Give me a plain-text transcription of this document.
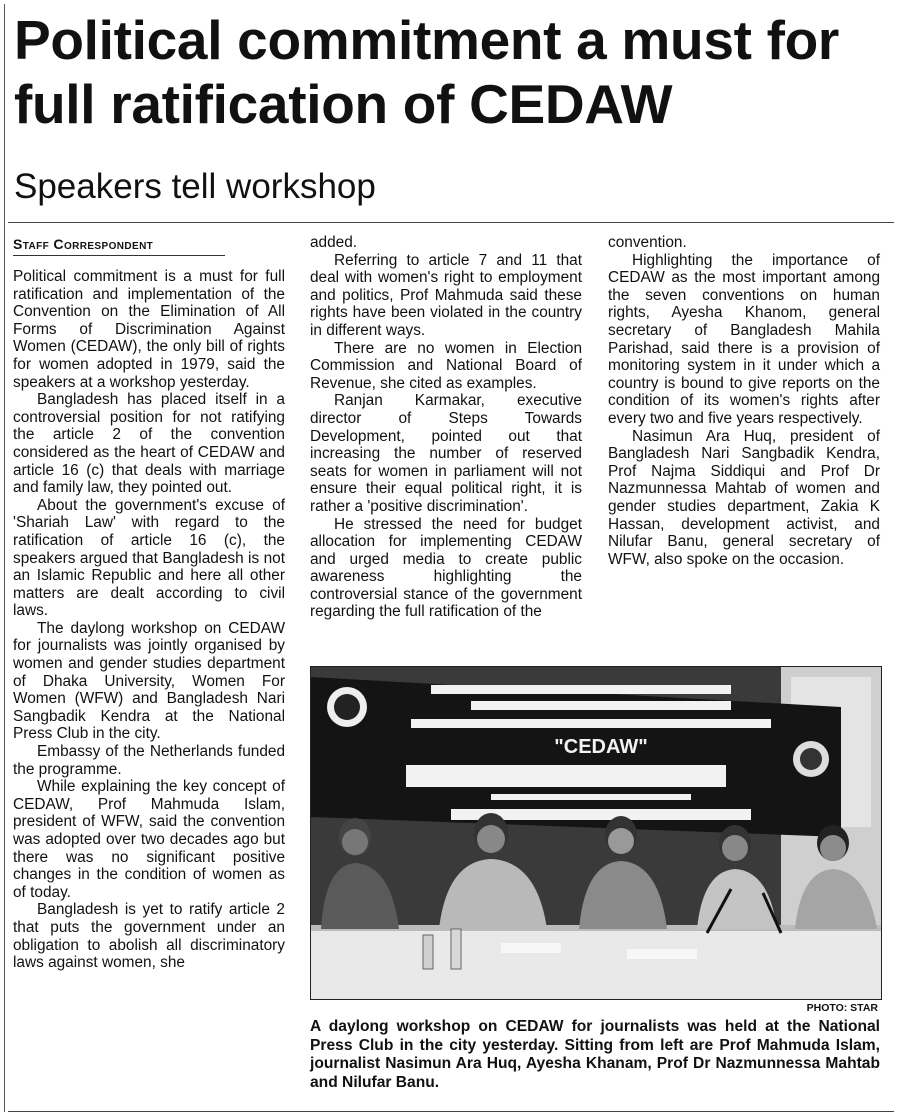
Political commitment a must for full ratification of CEDAW
Speakers tell workshop
Staff Correspondent

Political commitment is a must for full ratification and implementation of the Convention on the Elimination of All Forms of Discrimination Against Women (CEDAW), the only bill of rights for women adopted in 1979, said the speakers at a workshop yesterday.

Bangladesh has placed itself in a controversial position for not ratifying the article 2 of the convention considered as the heart of CEDAW and article 16 (c) that deals with marriage and family law, they pointed out.

About the government's excuse of 'Shariah Law' with regard to the ratification of article 16 (c), the speakers argued that Bangladesh is not an Islamic Republic and here all other matters are dealt according to civil laws.

The daylong workshop on CEDAW for journalists was jointly organised by women and gender studies department of Dhaka University, Women For Women (WFW) and Bangladesh Nari Sangbadik Kendra at the National Press Club in the city.

Embassy of the Netherlands funded the programme.

While explaining the key concept of CEDAW, Prof Mahmuda Islam, president of WFW, said the convention was adopted over two decades ago but there was no significant positive changes in the condition of women as of today.

Bangladesh is yet to ratify article 2 that puts the government under an obligation to abolish all discriminatory laws against women, she

added.

Referring to article 7 and 11 that deal with women's right to employment and politics, Prof Mahmuda said these rights have been violated in the country in different ways.

There are no women in Election Commission and National Board of Revenue, she cited as examples.

Ranjan Karmakar, executive director of Steps Towards Development, pointed out that increasing the number of reserved seats for women in parliament will not ensure their equal political right, it is rather a 'positive discrimination'.

He stressed the need for budget allocation for implementing CEDAW and urged media to create public awareness highlighting the controversial stance of the government regarding the full ratification of the

convention.

Highlighting the importance of CEDAW as the most important among the seven conventions on human rights, Ayesha Khanom, general secretary of Bangladesh Mahila Parishad, said there is a provision of monitoring system in it under which a country is bound to give reports on the condition of its women's rights after every two and five years respectively.

Nasimun Ara Huq, president of Bangladesh Nari Sangbadik Kendra, Prof Najma Siddiqui and Prof Dr Nazmunnessa Mahtab of women and gender studies department, Zakia K Hassan, development activist, and Nilufar Banu, general secretary of WFW, also spoke on the occasion.

"CEDAW"
PHOTO: STAR
A daylong workshop on CEDAW for journalists was held at the National Press Club in the city yesterday. Sitting from left are Prof Mahmuda Islam, journalist Nasimun Ara Huq, Ayesha Khanam, Prof Dr Nazmunnessa Mahtab and Nilufar Banu.
